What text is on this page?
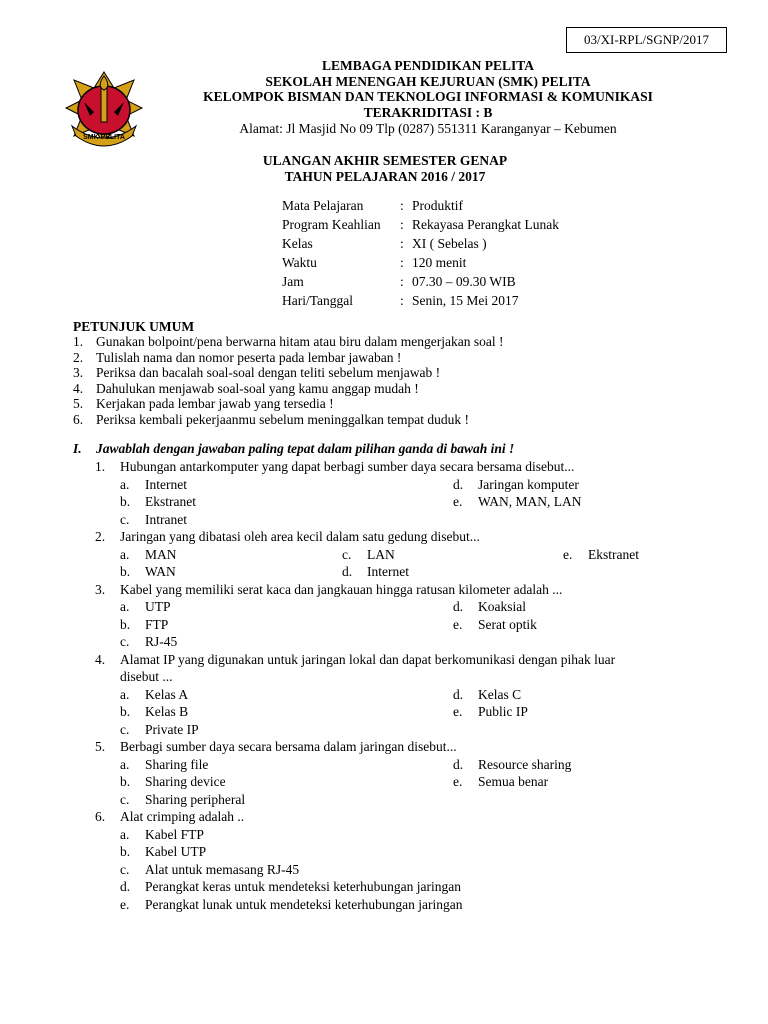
03/XI-RPL/SGNP/2017
SMK PELITA
LEMBAGA PENDIDIKAN PELITA
SEKOLAH MENENGAH KEJURUAN (SMK) PELITA
KELOMPOK BISMAN DAN TEKNOLOGI INFORMASI & KOMUNIKASI
TERAKRIDITASI : B
Alamat: Jl Masjid No 09 Tlp (0287) 551311 Karanganyar – Kebumen
ULANGAN AKHIR SEMESTER GENAP
TAHUN PELAJARAN 2016 / 2017
Mata Pelajaran	: Produktif
Program Keahlian	: Rekayasa Perangkat Lunak
Kelas	: XI ( Sebelas )
Waktu	: 120 menit
Jam	: 07.30 – 09.30 WIB
Hari/Tanggal	: Senin, 15 Mei 2017
PETUNJUK UMUM
1. Gunakan bolpoint/pena berwarna hitam atau biru dalam mengerjakan soal !
2. Tulislah nama dan nomor peserta pada lembar jawaban !
3. Periksa dan bacalah soal-soal dengan teliti sebelum menjawab !
4. Dahulukan menjawab soal-soal yang kamu anggap mudah !
5. Kerjakan pada lembar jawab yang tersedia !
6. Periksa kembali pekerjaanmu sebelum meninggalkan tempat duduk !
I.	Jawablah dengan jawaban paling tepat dalam pilihan ganda di bawah ini !
1.	Hubungan antarkomputer yang dapat berbagi sumber daya secara bersama disebut...
a.	Internet	d.	Jaringan komputer
b.	Ekstranet	e.	WAN, MAN, LAN
c.	Intranet
2.	Jaringan yang dibatasi oleh area kecil dalam satu gedung disebut...
a.	MAN	c.	LAN	e.	Ekstranet
b.	WAN	d.	Internet
3.	Kabel yang memiliki serat kaca dan jangkauan hingga ratusan kilometer adalah ...
a.	UTP	d.	Koaksial
b.	FTP	e.	Serat optik
c.	RJ-45
4.	Alamat IP yang digunakan untuk jaringan lokal dan dapat berkomunikasi dengan pihak luar
disebut ...
a.	Kelas A	d.	Kelas C
b.	Kelas B	e.	Public IP
c.	Private IP
5.	Berbagi sumber daya secara bersama dalam jaringan disebut...
a.	Sharing file	d.	Resource sharing
b.	Sharing device	e.	Semua benar
c.	Sharing peripheral
6.	Alat crimping adalah ..
a.	Kabel FTP
b.	Kabel UTP
c.	Alat untuk memasang RJ-45
d.	Perangkat keras untuk mendeteksi keterhubungan jaringan
e.	Perangkat lunak untuk mendeteksi keterhubungan jaringan
